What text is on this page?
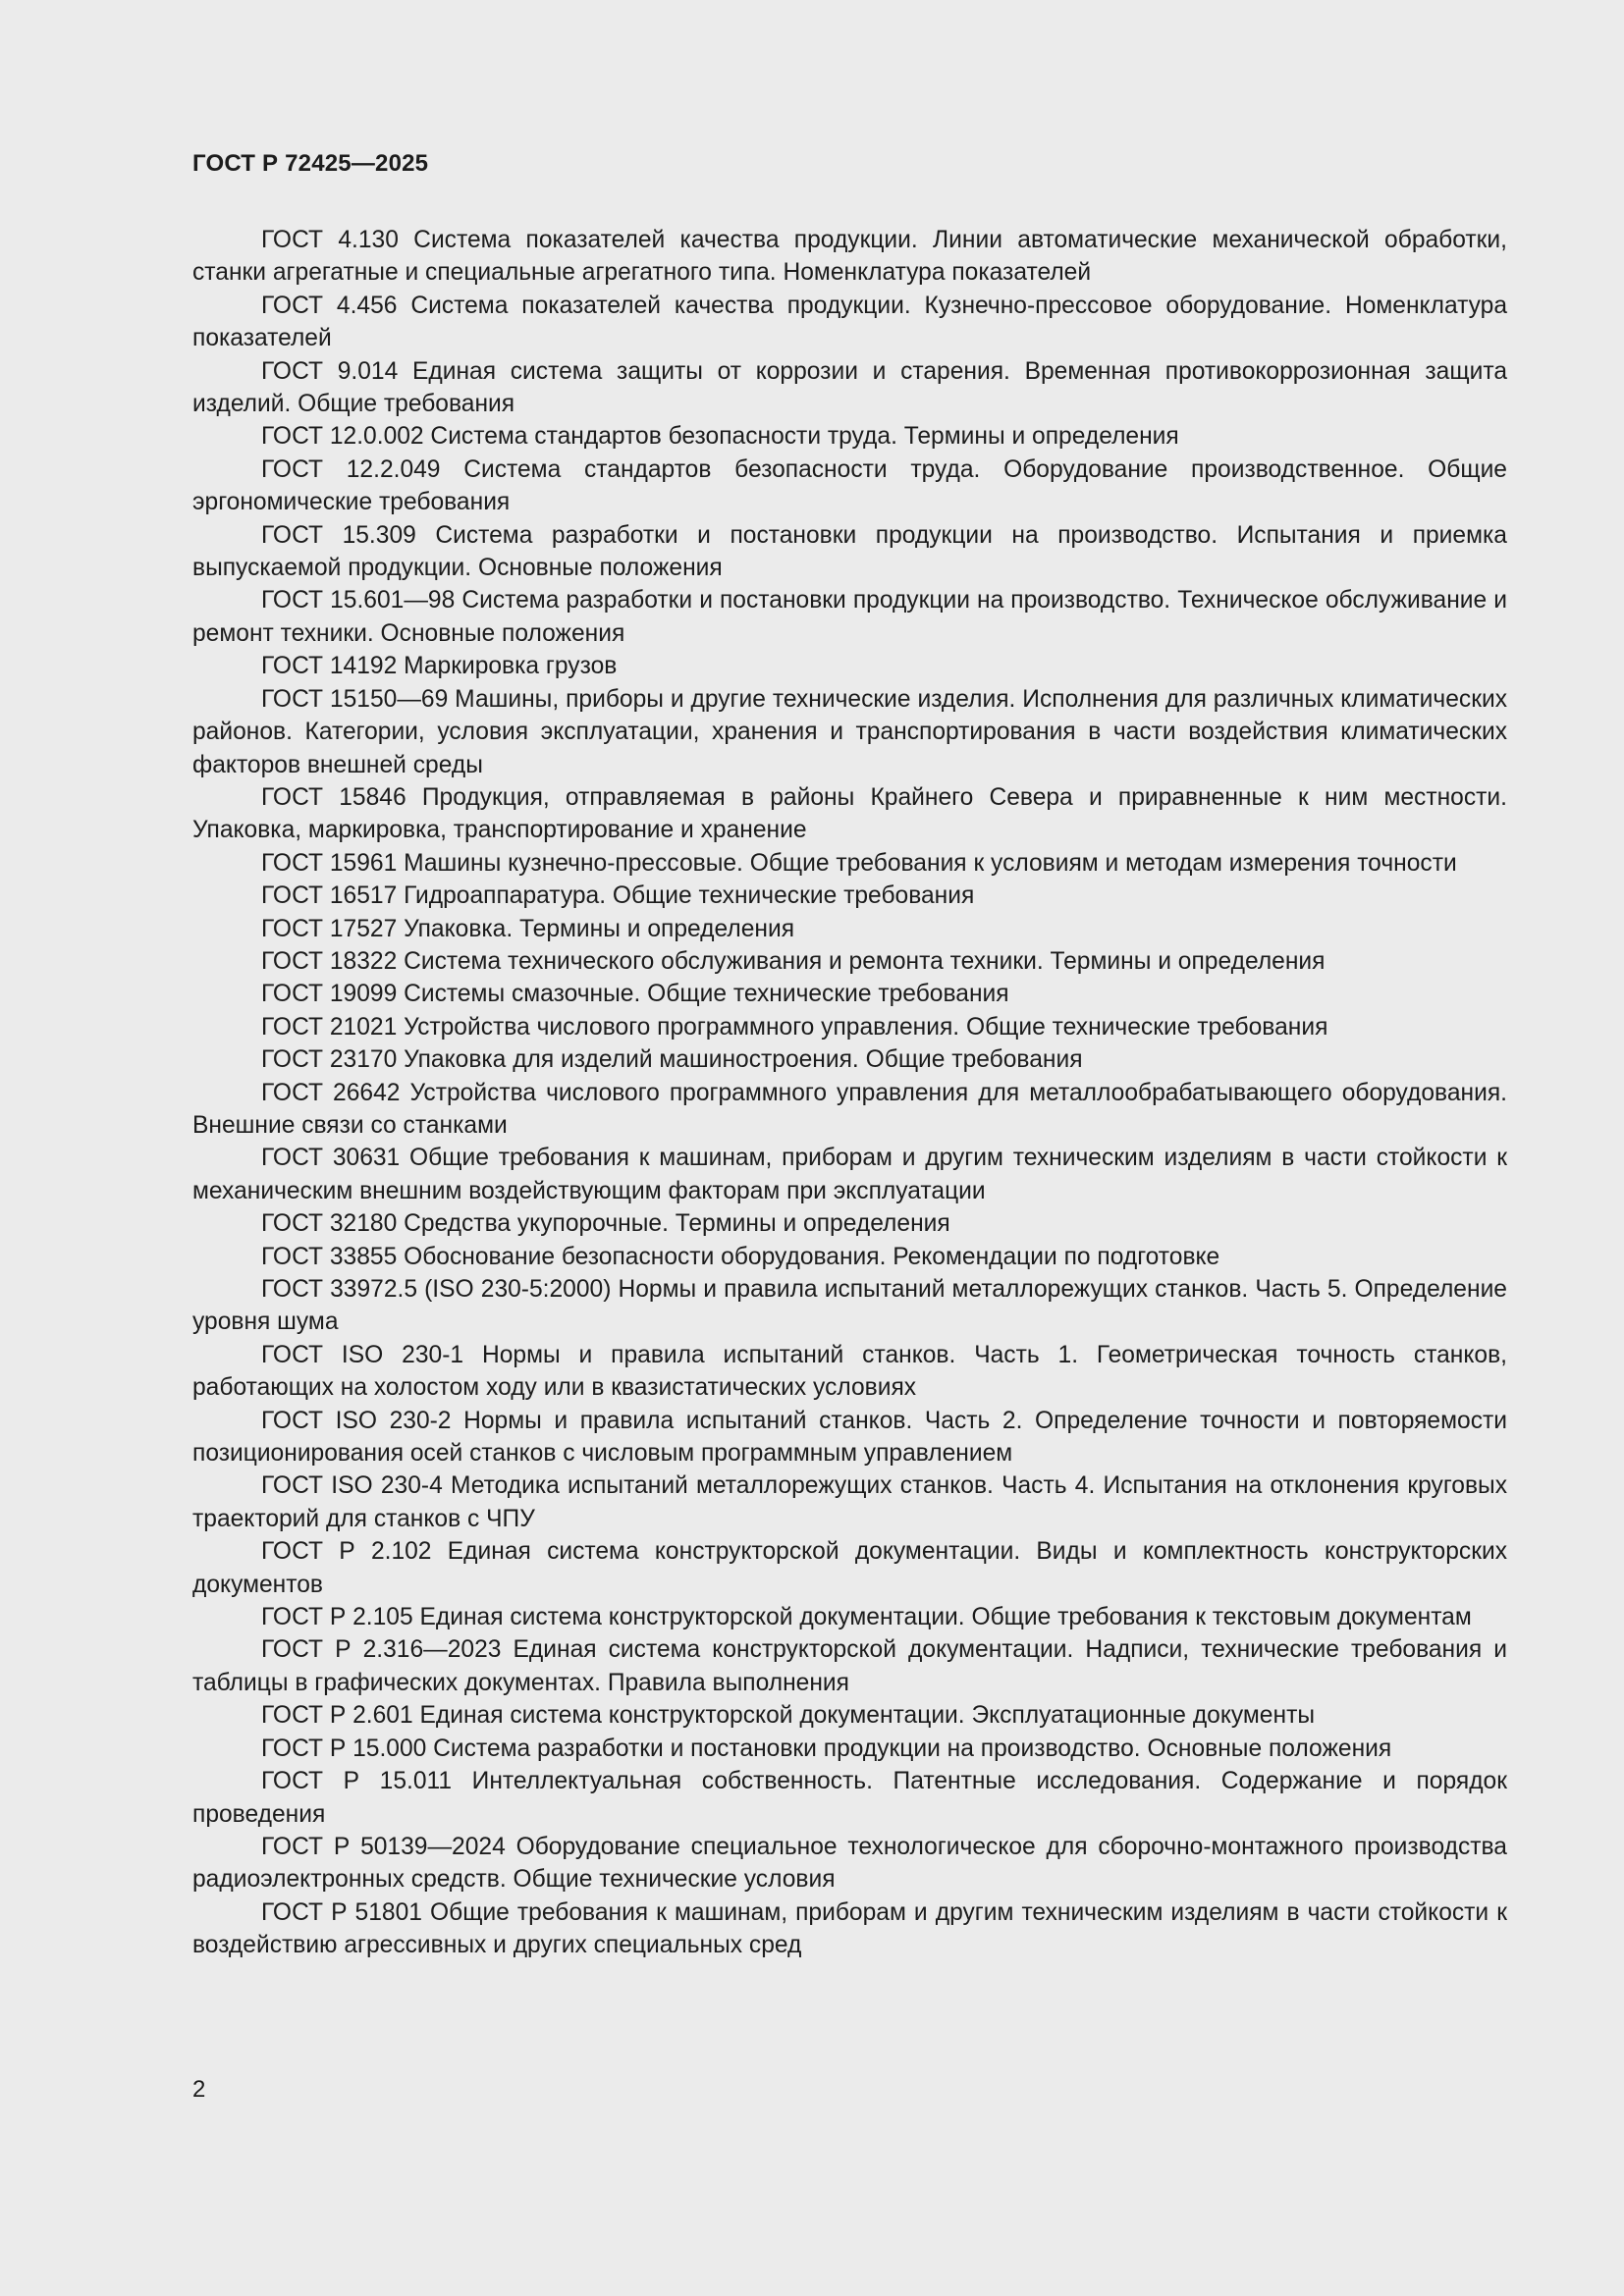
ГОСТ Р 72425—2025

ГОСТ 4.130 Система показателей качества продукции. Линии автоматические механической обработки, станки агрегатные и специальные агрегатного типа. Номенклатура показателей

ГОСТ 4.456 Система показателей качества продукции. Кузнечно-прессовое оборудование. Номенклатура показателей

ГОСТ 9.014 Единая система защиты от коррозии и старения. Временная противокоррозионная защита изделий. Общие требования

ГОСТ 12.0.002 Система стандартов безопасности труда. Термины и определения

ГОСТ 12.2.049 Система стандартов безопасности труда. Оборудование производственное. Общие эргономические требования

ГОСТ 15.309 Система разработки и постановки продукции на производство. Испытания и приемка выпускаемой продукции. Основные положения

ГОСТ 15.601—98 Система разработки и постановки продукции на производство. Техническое обслуживание и ремонт техники. Основные положения

ГОСТ 14192 Маркировка грузов

ГОСТ 15150—69 Машины, приборы и другие технические изделия. Исполнения для различных климатических районов. Категории, условия эксплуатации, хранения и транспортирования в части воздействия климатических факторов внешней среды

ГОСТ 15846 Продукция, отправляемая в районы Крайнего Севера и приравненные к ним местности. Упаковка, маркировка, транспортирование и хранение

ГОСТ 15961 Машины кузнечно-прессовые. Общие требования к условиям и методам измерения точности

ГОСТ 16517 Гидроаппаратура. Общие технические требования

ГОСТ 17527 Упаковка. Термины и определения

ГОСТ 18322 Система технического обслуживания и ремонта техники. Термины и определения

ГОСТ 19099 Системы смазочные. Общие технические требования

ГОСТ 21021 Устройства числового программного управления. Общие технические требования

ГОСТ 23170 Упаковка для изделий машиностроения. Общие требования

ГОСТ 26642 Устройства числового программного управления для металлообрабатывающего оборудования. Внешние связи со станками

ГОСТ 30631 Общие требования к машинам, приборам и другим техническим изделиям в части стойкости к механическим внешним воздействующим факторам при эксплуатации

ГОСТ 32180 Средства укупорочные. Термины и определения

ГОСТ 33855 Обоснование безопасности оборудования. Рекомендации по подготовке

ГОСТ 33972.5 (ISO 230-5:2000) Нормы и правила испытаний металлорежущих станков. Часть 5. Определение уровня шума

ГОСТ ISO 230-1 Нормы и правила испытаний станков. Часть 1. Геометрическая точность станков, работающих на холостом ходу или в квазистатических условиях

ГОСТ ISO 230-2 Нормы и правила испытаний станков. Часть 2. Определение точности и повторяемости позиционирования осей станков с числовым программным управлением

ГОСТ ISO 230-4 Методика испытаний металлорежущих станков. Часть 4. Испытания на отклонения круговых траекторий для станков с ЧПУ

ГОСТ Р 2.102 Единая система конструкторской документации. Виды и комплектность конструкторских документов

ГОСТ Р 2.105 Единая система конструкторской документации. Общие требования к текстовым документам

ГОСТ Р 2.316—2023 Единая система конструкторской документации. Надписи, технические требования и таблицы в графических документах. Правила выполнения

ГОСТ Р 2.601 Единая система конструкторской документации. Эксплуатационные документы

ГОСТ Р 15.000 Система разработки и постановки продукции на производство. Основные положения

ГОСТ Р 15.011 Интеллектуальная собственность. Патентные исследования. Содержание и порядок проведения

ГОСТ Р 50139—2024 Оборудование специальное технологическое для сборочно-монтажного производства радиоэлектронных средств. Общие технические условия

ГОСТ Р 51801 Общие требования к машинам, приборам и другим техническим изделиям в части стойкости к воздействию агрессивных и других специальных сред

2
